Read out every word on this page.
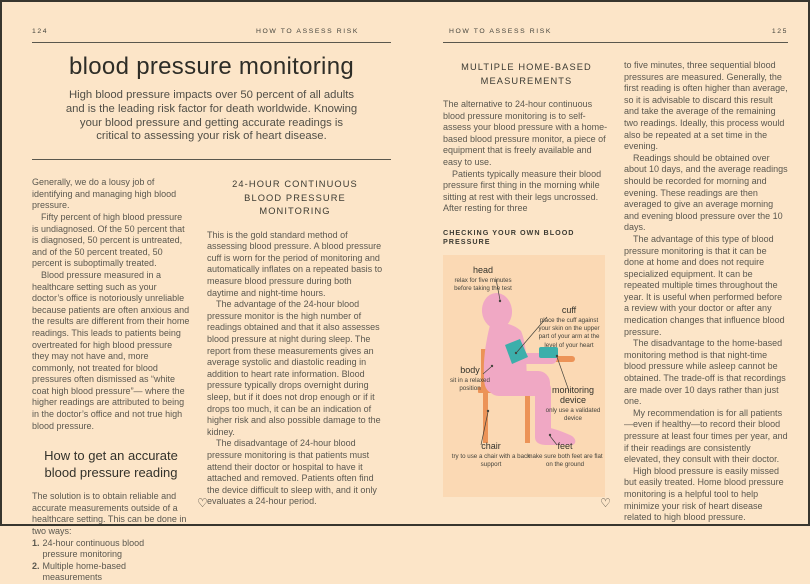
124	HOW TO ASSESS RISK
blood pressure monitoring
High blood pressure impacts over 50 percent of all adults and is the leading risk factor for death worldwide. Knowing your blood pressure and getting accurate readings is critical to assessing your risk of heart disease.

Generally, we do a lousy job of identifying and managing high blood pressure.

Fifty percent of high blood pressure is undiagnosed. Of the 50 percent that is diagnosed, 50 percent is untreated, and of the 50 percent treated, 50 percent is suboptimally treated.

Blood pressure measured in a healthcare setting such as your doctor’s office is notoriously unreliable because patients are often anxious and the results are different from their home readings. This leads to patients being overtreated for high blood pressure they may not have and, more commonly, not treated for blood pressures often dismissed as “white coat high blood pressure”— where the higher readings are attributed to being in the doctor’s office and not true high blood pressure.

How to get an accurate blood pressure reading

The solution is to obtain reliable and accurate measurements outside of a healthcare setting. This can be done in two ways:

1. 24-hour continuous blood pressure monitoring
2. Multiple home-based measurements
24-HOUR CONTINUOUS BLOOD PRESSURE MONITORING

This is the gold standard method of assessing blood pressure. A blood pressure cuff is worn for the period of monitoring and automatically inflates on a repeated basis to measure blood pressure during both daytime and night-time hours.

The advantage of the 24-hour blood pressure monitor is the high number of readings obtained and that it also assesses blood pressure at night during sleep. The report from these measurements gives an average systolic and diastolic reading in addition to heart rate information. Blood pressure typically drops overnight during sleep, but if it does not drop enough or if it drops too much, it can be an indication of higher risk and also possible damage to the kidney.

The disadvantage of 24-hour blood pressure monitoring is that patients must attend their doctor or hospital to have it attached and removed. Patients often find the device difficult to sleep with, and it only evaluates a 24-hour period.

♡
HOW TO ASSESS RISK	125
MULTIPLE HOME-BASED MEASUREMENTS

The alternative to 24-hour continuous blood pressure monitoring is to self-assess your blood pressure with a home-based blood pressure monitor, a piece of equipment that is freely available and easy to use.

Patients typically measure their blood pressure first thing in the morning while sitting at rest with their legs uncrossed. After resting for three

CHECKING YOUR OWN BLOOD PRESSURE
head
relax for five minutes before taking the test
cuff
place the cuff against your skin on the upper part of your arm at the level of your heart
body
sit in a relaxed position	monitoring device
only use a validated device
chair
try to use a chair with a back support
feet
make sure both feet are flat on the ground

to five minutes, three sequential blood pressures are measured. Generally, the first reading is often higher than average, so it is advisable to discard this result and take the average of the remaining two readings. Ideally, this process would also be repeated at a set time in the evening.

Readings should be obtained over about 10 days, and the average readings should be recorded for morning and evening. These readings are then averaged to give an average morning and evening blood pressure over the 10 days.

The advantage of this type of blood pressure monitoring is that it can be done at home and does not require specialized equipment. It can be repeated multiple times throughout the year. It is useful when performed before a review with your doctor or after any medication changes that influence blood pressure.

The disadvantage to the home-based monitoring method is that night-time blood pressure while asleep cannot be obtained. The trade-off is that recordings are made over 10 days rather than just one.

My recommendation is for all patients—even if healthy—to record their blood pressure at least four times per year, and if their readings are consistently elevated, they consult with their doctor.

High blood pressure is easily missed but easily treated. Home blood pressure monitoring is a helpful tool to help minimize your risk of heart disease related to high blood pressure.

♡
